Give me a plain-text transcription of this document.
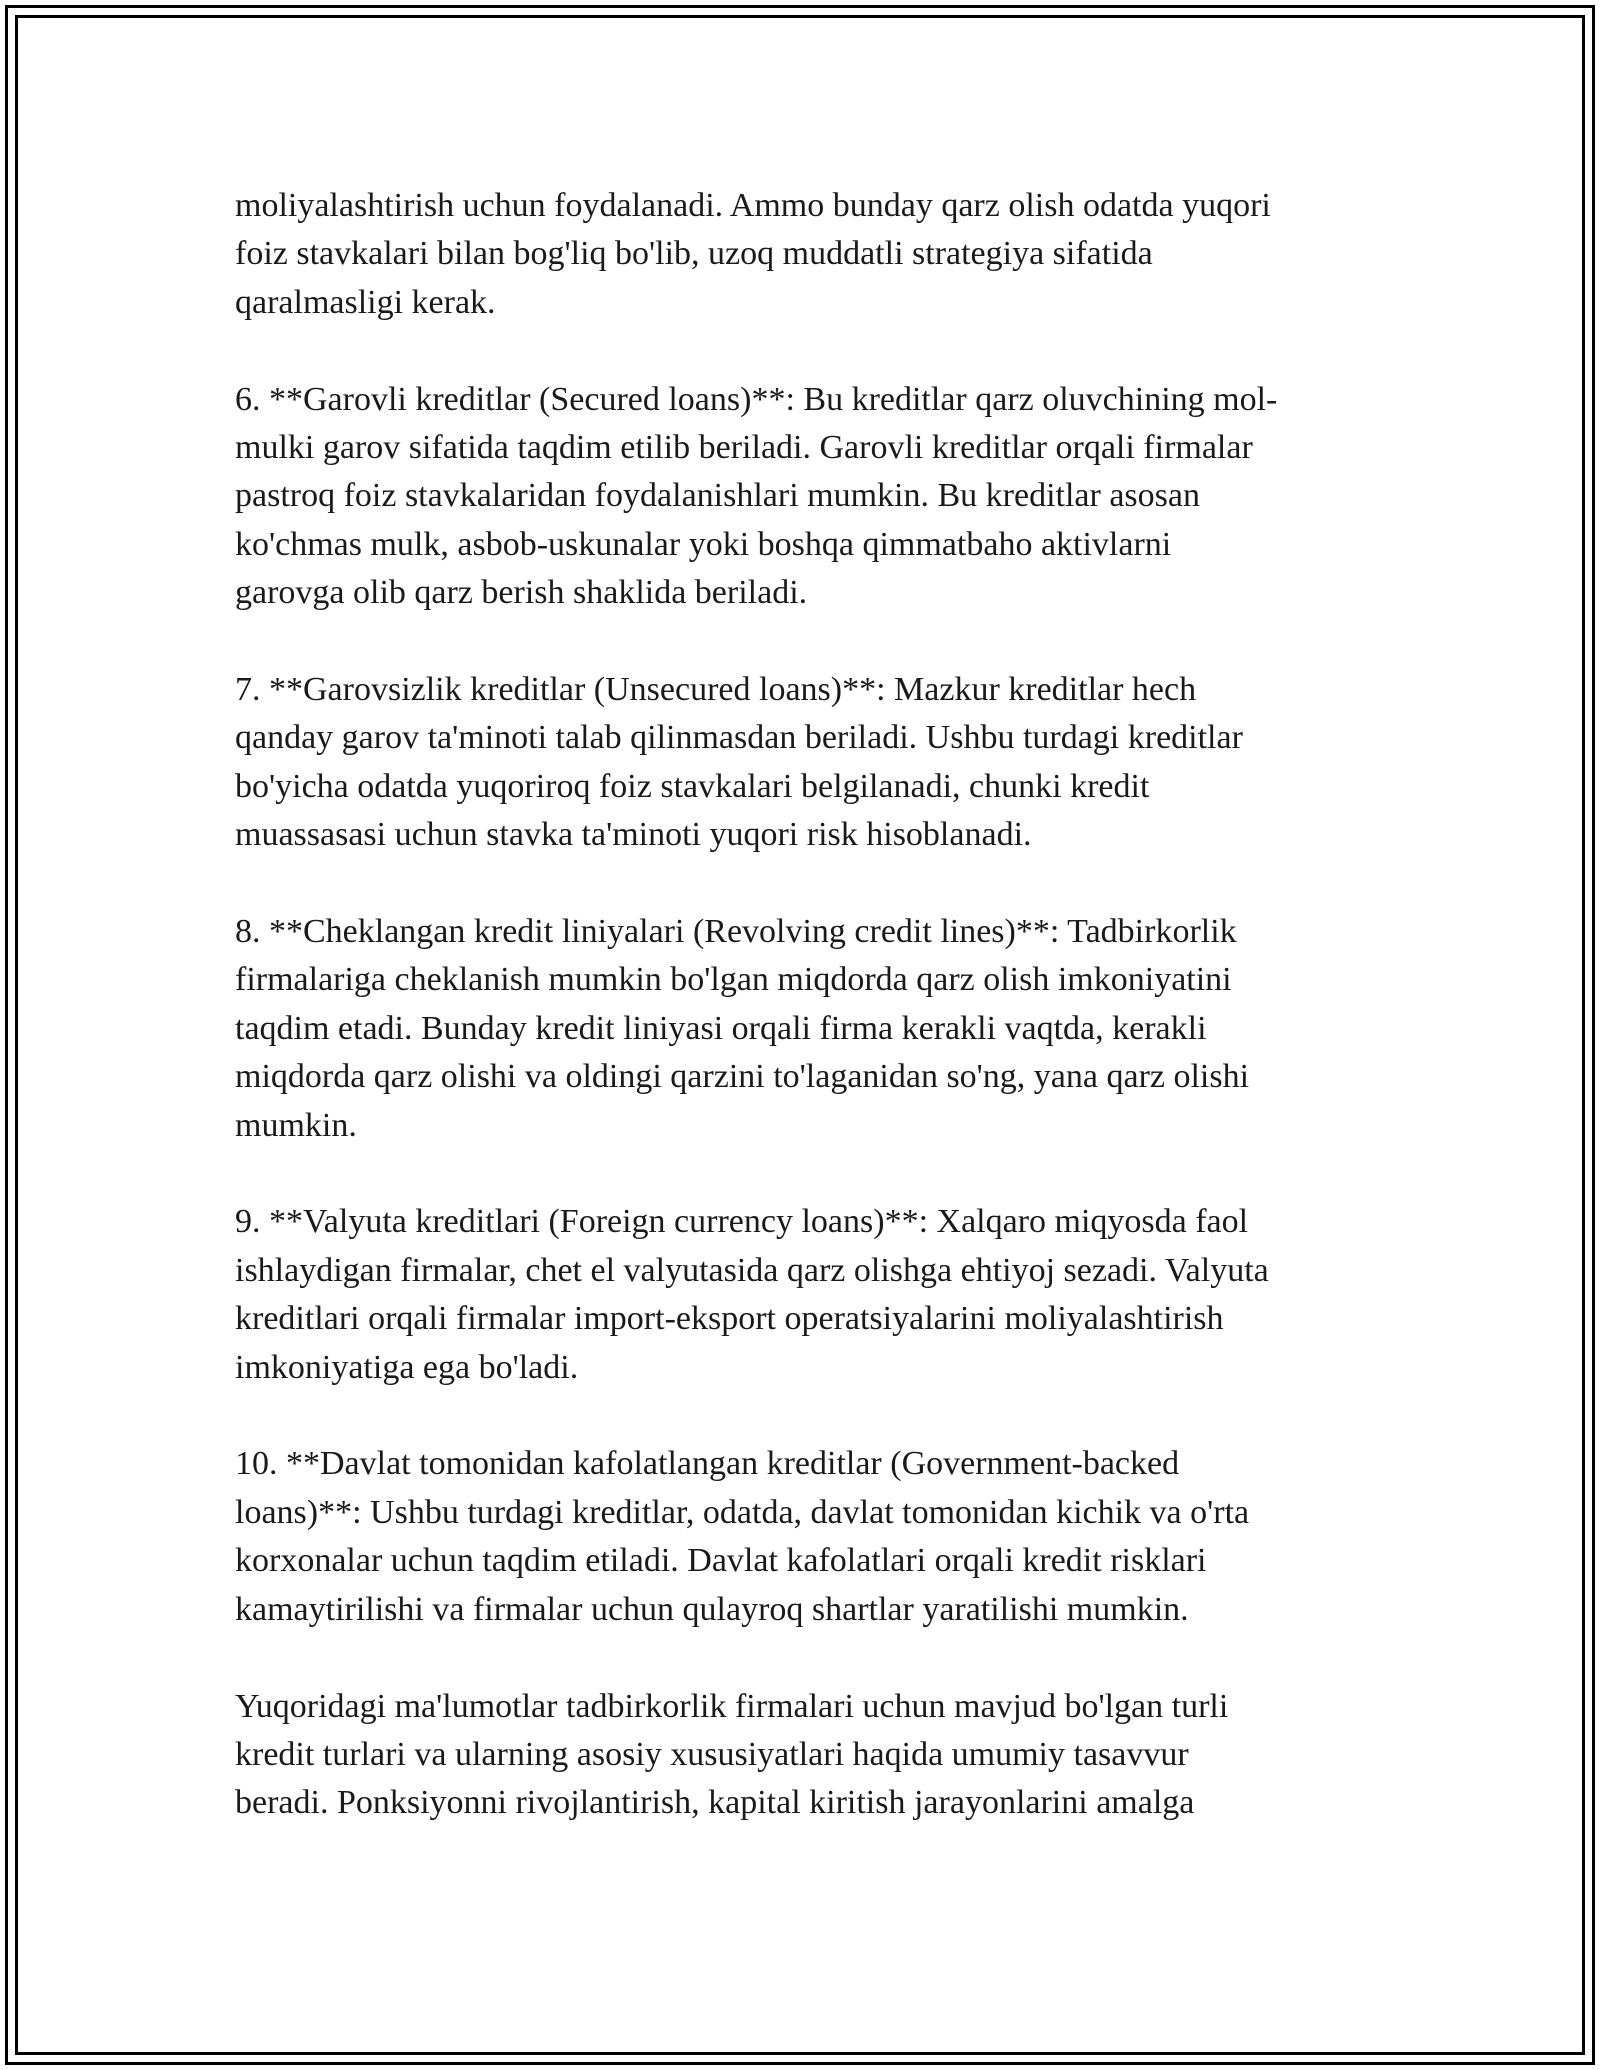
moliyalashtirish uchun foydalanadi. Ammo bunday qarz olish odatda yuqori
foiz stavkalari bilan bog'liq bo'lib, uzoq muddatli strategiya sifatida
qaralmasligi kerak.

6. **Garovli kreditlar (Secured loans)**: Bu kreditlar qarz oluvchining mol-
mulki garov sifatida taqdim etilib beriladi. Garovli kreditlar orqali firmalar
pastroq foiz stavkalaridan foydalanishlari mumkin. Bu kreditlar asosan
ko'chmas mulk, asbob-uskunalar yoki boshqa qimmatbaho aktivlarni
garovga olib qarz berish shaklida beriladi.

7. **Garovsizlik kreditlar (Unsecured loans)**: Mazkur kreditlar hech
qanday garov ta'minoti talab qilinmasdan beriladi. Ushbu turdagi kreditlar
bo'yicha odatda yuqoriroq foiz stavkalari belgilanadi, chunki kredit
muassasasi uchun stavka ta'minoti yuqori risk hisoblanadi.

8. **Cheklangan kredit liniyalari (Revolving credit lines)**: Tadbirkorlik
firmalariga cheklanish mumkin bo'lgan miqdorda qarz olish imkoniyatini
taqdim etadi. Bunday kredit liniyasi orqali firma kerakli vaqtda, kerakli
miqdorda qarz olishi va oldingi qarzini to'laganidan so'ng, yana qarz olishi
mumkin.

9. **Valyuta kreditlari (Foreign currency loans)**: Xalqaro miqyosda faol
ishlaydigan firmalar, chet el valyutasida qarz olishga ehtiyoj sezadi. Valyuta
kreditlari orqali firmalar import-eksport operatsiyalarini moliyalashtirish
imkoniyatiga ega bo'ladi.

10. **Davlat tomonidan kafolatlangan kreditlar (Government-backed
loans)**: Ushbu turdagi kreditlar, odatda, davlat tomonidan kichik va o'rta
korxonalar uchun taqdim etiladi. Davlat kafolatlari orqali kredit risklari
kamaytirilishi va firmalar uchun qulayroq shartlar yaratilishi mumkin.

Yuqoridagi ma'lumotlar tadbirkorlik firmalari uchun mavjud bo'lgan turli
kredit turlari va ularning asosiy xususiyatlari haqida umumiy tasavvur
beradi. Ponksiyonni rivojlantirish, kapital kiritish jarayonlarini amalga
